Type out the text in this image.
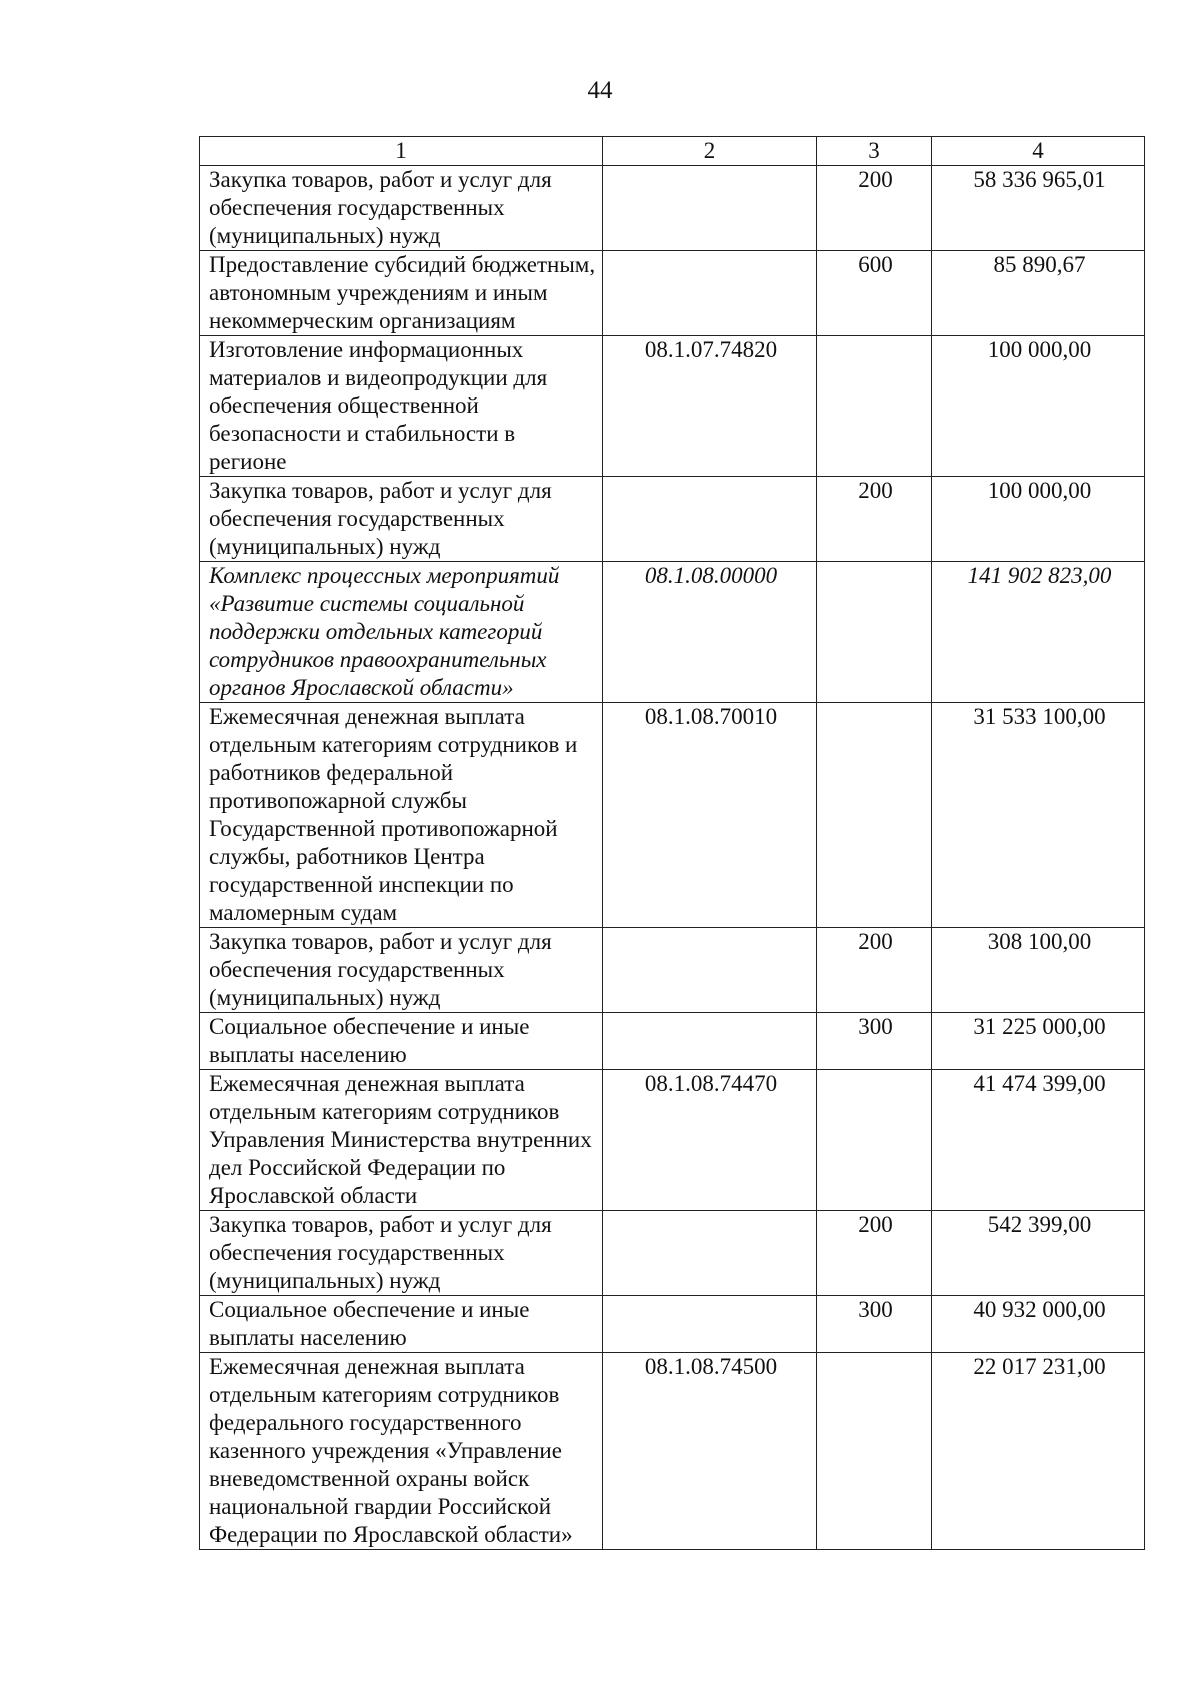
44
1	2	3	4
Закупка товаров, работ и услуг для обеспечения государственных (муниципальных) нужд		200	58 336 965,01
Предоставление субсидий бюджетным, автономным учреждениям и иным некоммерческим организациям		600	85 890,67
Изготовление информационных материалов и видеопродукции для обеспечения общественной безопасности и стабильности в регионе	08.1.07.74820		100 000,00
Закупка товаров, работ и услуг для обеспечения государственных (муниципальных) нужд		200	100 000,00
Комплекс процессных мероприятий «Развитие системы социальной поддержки отдельных категорий сотрудников правоохранительных органов Ярославской области»	08.1.08.00000		141 902 823,00
Ежемесячная денежная выплата отдельным категориям сотрудников и работников федеральной противопожарной службы Государственной противопожарной службы, работников Центра государственной инспекции по маломерным судам	08.1.08.70010		31 533 100,00
Закупка товаров, работ и услуг для обеспечения государственных (муниципальных) нужд		200	308 100,00
Социальное обеспечение и иные выплаты населению		300	31 225 000,00
Ежемесячная денежная выплата отдельным категориям сотрудников Управления Министерства внутренних дел Российской Федерации по Ярославской области	08.1.08.74470		41 474 399,00
Закупка товаров, работ и услуг для обеспечения государственных (муниципальных) нужд		200	542 399,00
Социальное обеспечение и иные выплаты населению		300	40 932 000,00
Ежемесячная денежная выплата отдельным категориям сотрудников федерального государственного казенного учреждения «Управление вневедомственной охраны войск национальной гвардии Российской Федерации по Ярославской области»	08.1.08.74500		22 017 231,00
